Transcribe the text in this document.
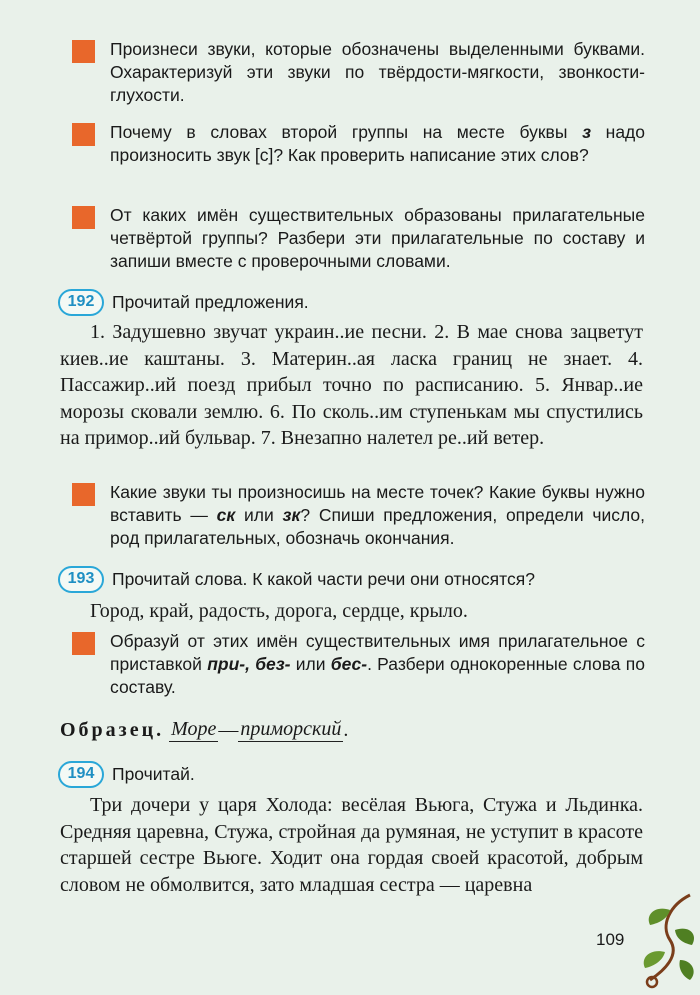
Произнеси звуки, которые обозначены выделенными буквами. Охарактеризуй эти звуки по твёрдости-мягкости, звонкости-глухости.
Почему в словах второй группы на месте буквы з надо произносить звук [с]? Как проверить написание этих слов?
От каких имён существительных образованы прилагательные четвёртой группы? Разбери эти прилагательные по составу и запиши вместе с проверочными словами.
192	Прочитай предложения.
1. Задушевно звучат украин..ие песни. 2. В мае снова зацветут киев..ие каштаны. 3. Материн..ая ласка границ не знает. 4. Пассажир..ий поезд прибыл точно по расписанию. 5. Январ..ие морозы сковали землю. 6. По сколь..им ступенькам мы спустились на примор..ий бульвар. 7. Внезапно налетел ре..ий ветер.
Какие звуки ты произносишь на месте точек? Какие буквы нужно вставить — ск или зк? Спиши предложения, определи число, род прилагательных, обозначь окончания.
193	Прочитай слова. К какой части речи они относятся?
Город, край, радость, дорога, сердце, крыло.
Образуй от этих имён существительных имя прилагательное с приставкой при-, без- или бес-. Разбери однокоренные слова по составу.
Образец.
Море — приморский .
194	Прочитай.
Три дочери у царя Холода: весёлая Вьюга, Стужа и Льдинка. Средняя царевна, Стужа, стройная да румяная, не уступит в красоте старшей сестре Вьюге. Ходит она гордая своей красотой, добрым словом не обмолвится, зато младшая сестра — царевна
109
